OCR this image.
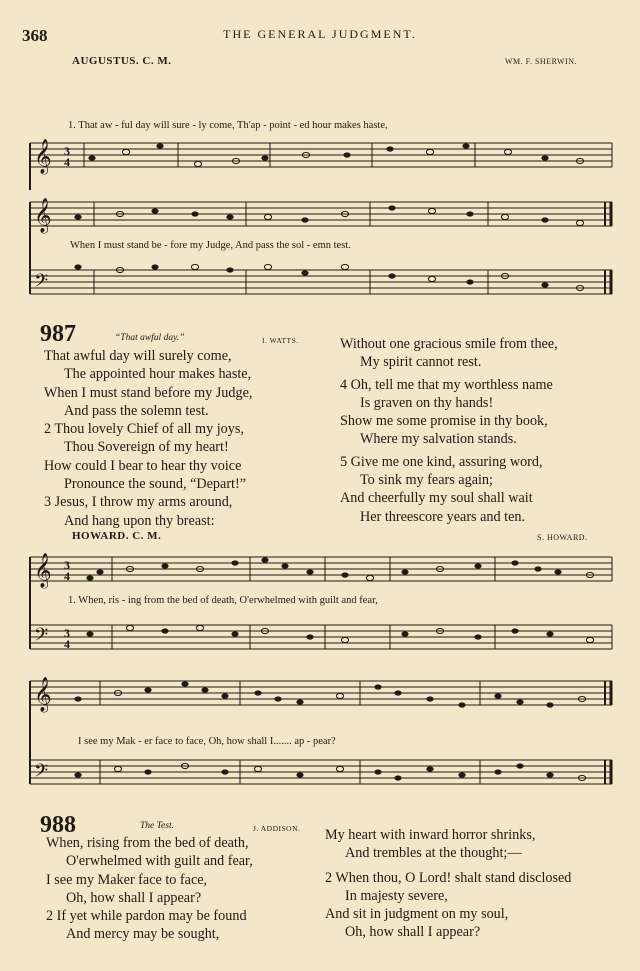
368	THE GENERAL JUDGMENT.
AUGUSTUS. C. M.	WM. F. SHERWIN.
𝄞 3
4
1. That aw - ful day will sure - ly come, Th'ap - point - ed hour makes haste,
𝄞
𝄢
When I must stand be - fore my Judge, And pass the sol - emn test.
987	“That awful day.”	I. WATTS.
That awful day will surely come,
The appointed hour makes haste,
When I must stand before my Judge,
And pass the solemn test.
2 Thou lovely Chief of all my joys,
Thou Sovereign of my heart!
How could I bear to hear thy voice
Pronounce the sound, “Depart!”
3 Jesus, I throw my arms around,
And hang upon thy breast:
Without one gracious smile from thee,
My spirit cannot rest.
4 Oh, tell me that my worthless name
Is graven on thy hands!
Show me some promise in thy book,
Where my salvation stands.
5 Give me one kind, assuring word,
To sink my fears again;
And cheerfully my soul shall wait
Her threescore years and ten.
HOWARD. C. M.	S. HOWARD.
𝄞
𝄢
3
4
3
4
1. When, ris - ing from the bed of death, O'erwhelmed with guilt and fear,
𝄞
𝄢
I see my Mak - er face to face, Oh, how shall I....... ap - pear?
988	The Test.	J. ADDISON.
When, rising from the bed of death,
O'erwhelmed with guilt and fear,
I see my Maker face to face,
Oh, how shall I appear?
2 If yet while pardon may be found
And mercy may be sought,
My heart with inward horror shrinks,
And trembles at the thought;—
2 When thou, O Lord! shalt stand disclosed
In majesty severe,
And sit in judgment on my soul,
Oh, how shall I appear?
